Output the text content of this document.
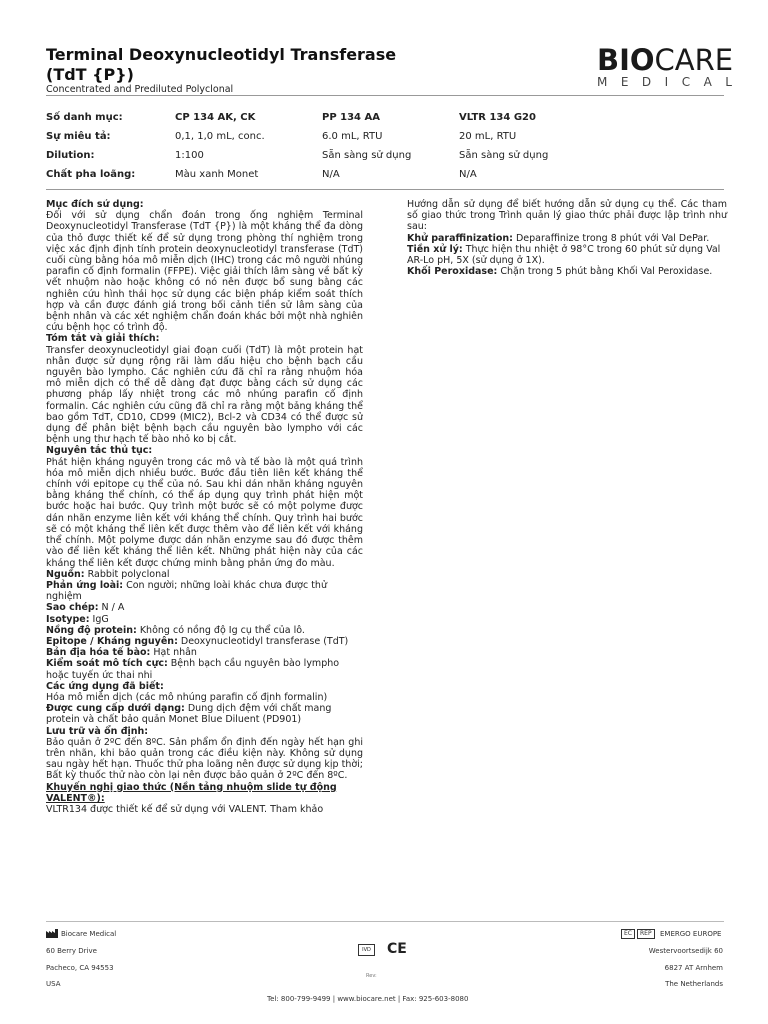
Terminal Deoxynucleotidyl Transferase
(TdT {P})
Concentrated and Prediluted Polyclonal
BIOCARE
MEDICAL
Số danh mục:	CP 134 AK, CK	PP 134 AA	VLTR 134 G20
Sự miêu tả:	0,1, 1,0 mL, conc.	6.0 mL, RTU	20 mL, RTU
Dilution:	1:100	Sẵn sàng sử dụng	Sẵn sàng sử dụng
Chất pha loãng:	Màu xanh Monet	N/A	N/A

Mục đích sử dụng:

Đối với sử dụng chẩn đoán trong ống nghiệm Terminal Deoxynucleotidyl Transferase (TdT {P}) là một kháng thể đa dòng của thỏ được thiết kế để sử dụng trong phòng thí nghiệm trong việc xác định định tính protein deoxynucleotidyl transferase (TdT) cuối cùng bằng hóa mô miễn dịch (IHC) trong các mô người nhúng parafin cố định formalin (FFPE). Việc giải thích lâm sàng về bất kỳ vết nhuộm nào hoặc không có nó nên được bổ sung bằng các nghiên cứu hình thái học sử dụng các biện pháp kiểm soát thích hợp và cần được đánh giá trong bối cảnh tiền sử lâm sàng của bệnh nhân và các xét nghiệm chẩn đoán khác bởi một nhà nghiên cứu bệnh học có trình độ.

Tóm tắt và giải thích:

Transfer deoxynucleotidyl giai đoạn cuối (TdT) là một protein hạt nhân được sử dụng rộng rãi làm dấu hiệu cho bệnh bạch cầu nguyên bào lympho. Các nghiên cứu đã chỉ ra rằng nhuộm hóa mô miễn dịch có thể dễ dàng đạt được bằng cách sử dụng các phương pháp lấy nhiệt trong các mô nhúng parafin cố định formalin. Các nghiên cứu cũng đã chỉ ra rằng một bảng kháng thể bao gồm TdT, CD10, CD99 (MIC2), Bcl-2 và CD34 có thể được sử dụng để phân biệt bệnh bạch cầu nguyên bào lympho với các bệnh ung thư hạch tế bào nhỏ ko bị cắt.

Nguyên tắc thủ tục:

Phát hiện kháng nguyên trong các mô và tế bào là một quá trình hóa mô miễn dịch nhiều bước. Bước đầu tiên liên kết kháng thể chính với epitope cụ thể của nó. Sau khi dán nhãn kháng nguyên bằng kháng thể chính, có thể áp dụng quy trình phát hiện một bước hoặc hai bước. Quy trình một bước sẽ có một polyme được dán nhãn enzyme liên kết với kháng thể chính. Quy trình hai bước sẽ có một kháng thể liên kết được thêm vào để liên kết với kháng thể chính. Một polyme được dán nhãn enzyme sau đó được thêm vào để liên kết kháng thể liên kết. Những phát hiện này của các kháng thể liên kết được chứng minh bằng phản ứng đo màu.

Nguồn: Rabbit polyclonal

Phản ứng loài: Con người; những loài khác chưa được thử nghiệm

Sao chép: N / A

Isotype: IgG

Nồng độ protein: Không có nồng độ Ig cụ thể của lô.

Epitope / Kháng nguyên: Deoxynucleotidyl transferase (TdT)

Bản địa hóa tế bào: Hạt nhân

Kiểm soát mô tích cực: Bệnh bạch cầu nguyên bào lympho hoặc tuyến ức thai nhi

Các ứng dụng đã biết:

Hóa mô miễn dịch (các mô nhúng parafin cố định formalin)

Được cung cấp dưới dạng: Dung dịch đệm với chất mang protein và chất bảo quản Monet Blue Diluent (PD901)

Lưu trữ và ổn định:

Bảo quản ở 2ºC đến 8ºC. Sản phẩm ổn định đến ngày hết hạn ghi trên nhãn, khi bảo quản trong các điều kiện này. Không sử dụng sau ngày hết hạn. Thuốc thử pha loãng nên được sử dụng kịp thời; Bất kỳ thuốc thử nào còn lại nên được bảo quản ở 2ºC đến 8ºC.

Khuyến nghị giao thức (Nền tảng nhuộm slide tự động VALENT®):

VLTR134 được thiết kế để sử dụng với VALENT. Tham khảo

Hướng dẫn sử dụng để biết hướng dẫn sử dụng cụ thể. Các tham số giao thức trong Trình quản lý giao thức phải được lập trình như sau:

Khử paraffinization: Deparaffinize trong 8 phút với Val DePar.

Tiền xử lý: Thực hiện thu nhiệt ở 98°C trong 60 phút sử dụng Val AR-Lo pH, 5X (sử dụng ở 1X).

Khối Peroxidase: Chặn trong 5 phút bằng Khối Val Peroxidase.

Biocare Medical
60 Berry Drive
Pacheco, CA 94553
USA
IVD CE
Rev:
EC REP	EMERGO EUROPE
Westervoortsedijk 60
6827 AT Arnhem
The Netherlands
Tel: 800-799-9499 | www.biocare.net | Fax: 925-603-8080
